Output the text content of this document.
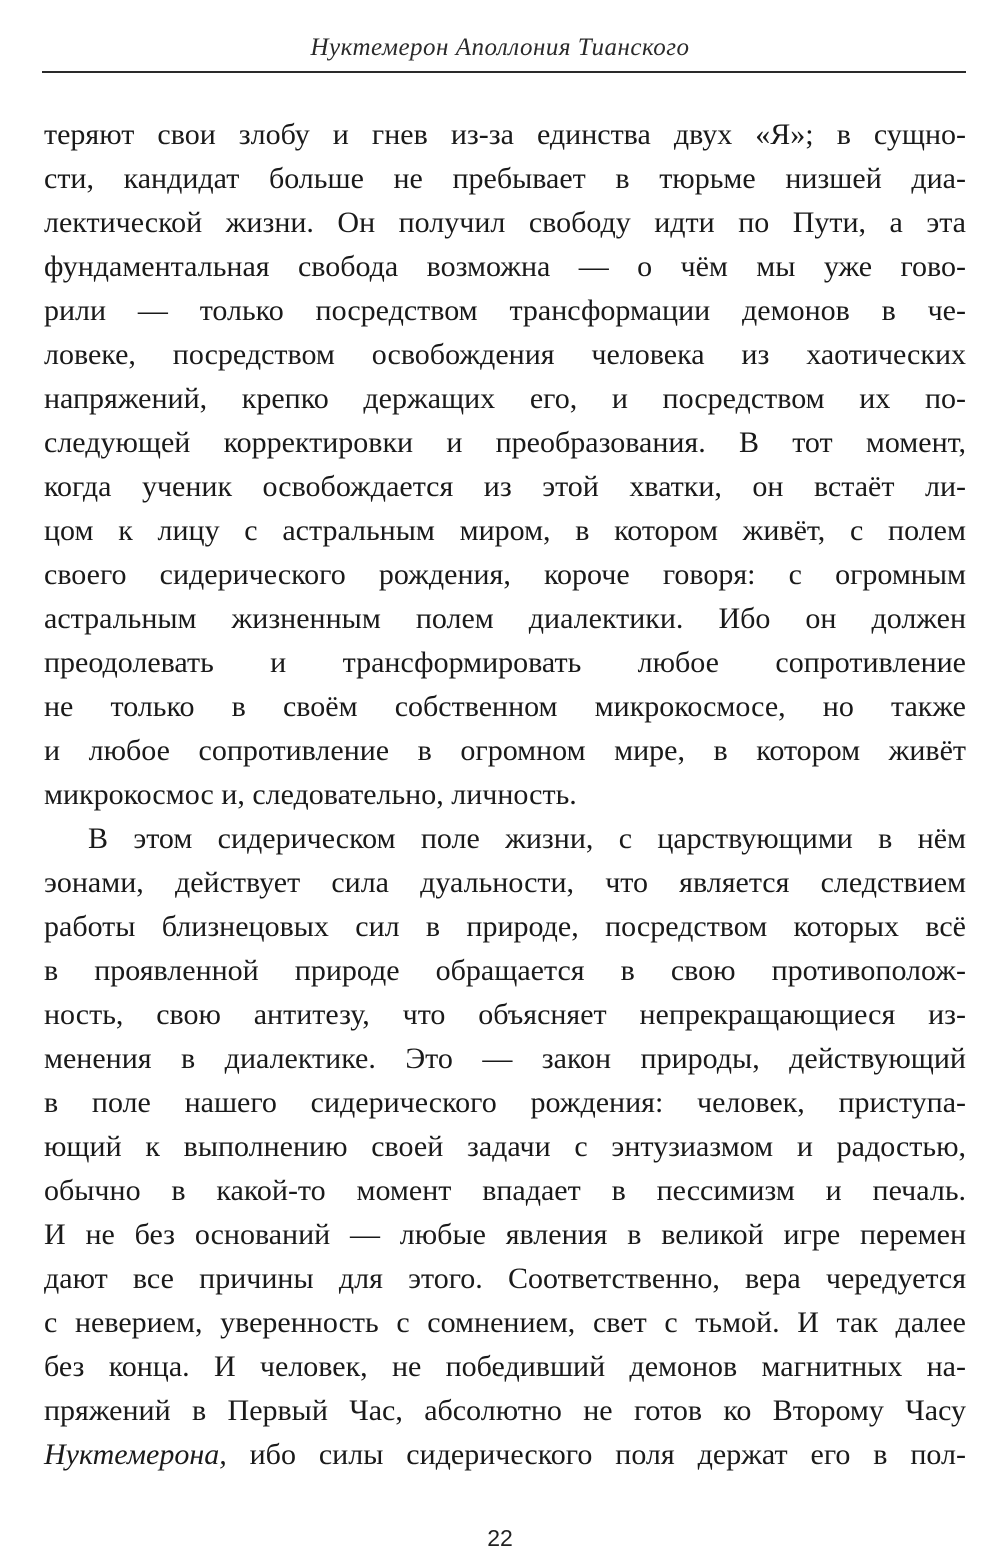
Нуктемерон Аполлония Тианского
теряют свои злобу и гнев из-за единства двух «Я»; в сущно-
сти, кандидат больше не пребывает в тюрьме низшей диа-
лектической жизни. Он получил свободу идти по Пути, а эта
фундаментальная свобода возможна — о чём мы уже гово-
рили — только посредством трансформации демонов в че-
ловеке, посредством освобождения человека из хаотических
напряжений, крепко держащих его, и посредством их по-
следующей корректировки и преобразования. В тот момент,
когда ученик освобождается из этой хватки, он встаёт ли-
цом к лицу с астральным миром, в котором живёт, с полем
своего сидерического рождения, короче говоря: с огромным
астральным жизненным полем диалектики. Ибо он должен
преодолевать и трансформировать любое сопротивление
не только в своём собственном микрокосмосе, но также
и любое сопротивление в огромном мире, в котором живёт
микрокосмос и, следовательно, личность.
В этом сидерическом поле жизни, с царствующими в нём
эонами, действует сила дуальности, что является следствием
работы близнецовых сил в природе, посредством которых всё
в проявленной природе обращается в свою противополож-
ность, свою антитезу, что объясняет непрекращающиеся из-
менения в диалектике. Это — закон природы, действующий
в поле нашего сидерического рождения: человек, приступа-
ющий к выполнению своей задачи с энтузиазмом и радостью,
обычно в какой-то момент впадает в пессимизм и печаль.
И не без оснований — любые явления в великой игре перемен
дают все причины для этого. Соответственно, вера чередуется
с неверием, уверенность с сомнением, свет с тьмой. И так далее
без конца. И человек, не победивший демонов магнитных на-
пряжений в Первый Час, абсолютно не готов ко Второму Часу
Нуктемерона, ибо силы сидерического поля держат его в пол-
22
